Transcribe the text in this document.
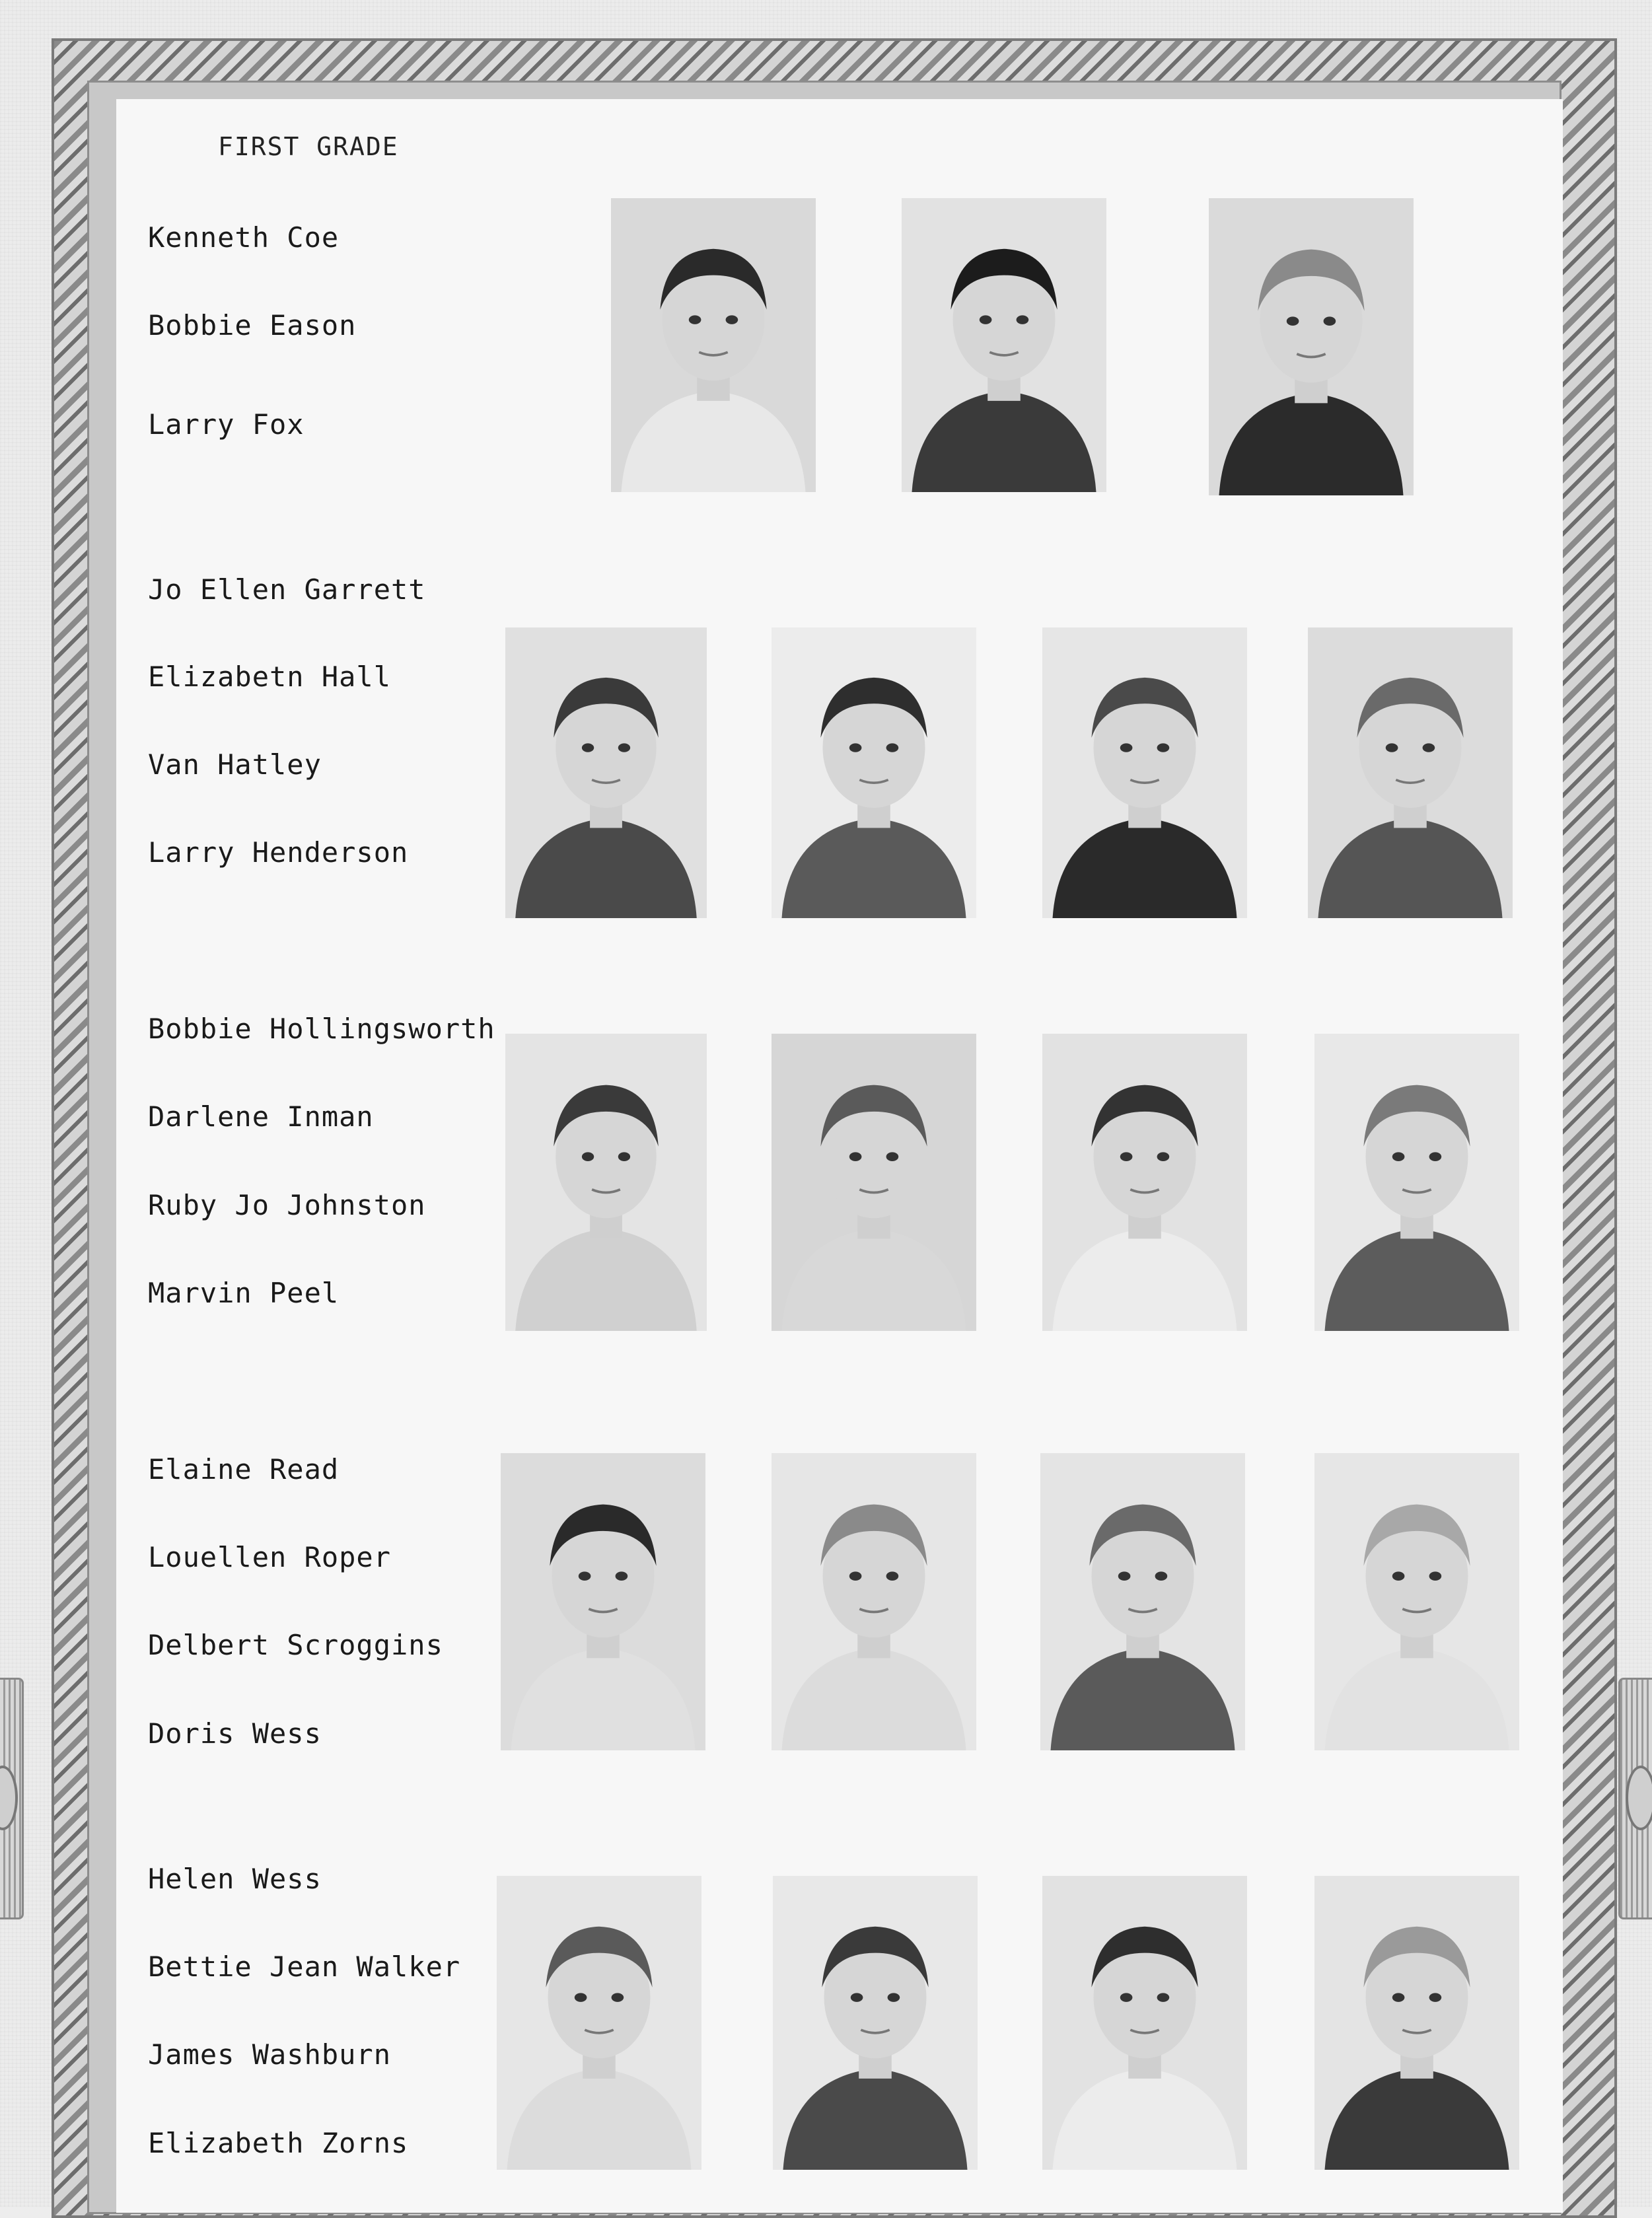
FIRST GRADE
Kenneth Coe
Bobbie Eason
Larry Fox
Jo Ellen Garrett
Elizabetn Hall
Van Hatley
Larry Henderson
Bobbie Hollingsworth
Darlene Inman
Ruby Jo Johnston
Marvin Peel
Elaine Read
Louellen Roper
Delbert Scroggins
Doris Wess
Helen Wess
Bettie Jean Walker
James Washburn
Elizabeth Zorns
